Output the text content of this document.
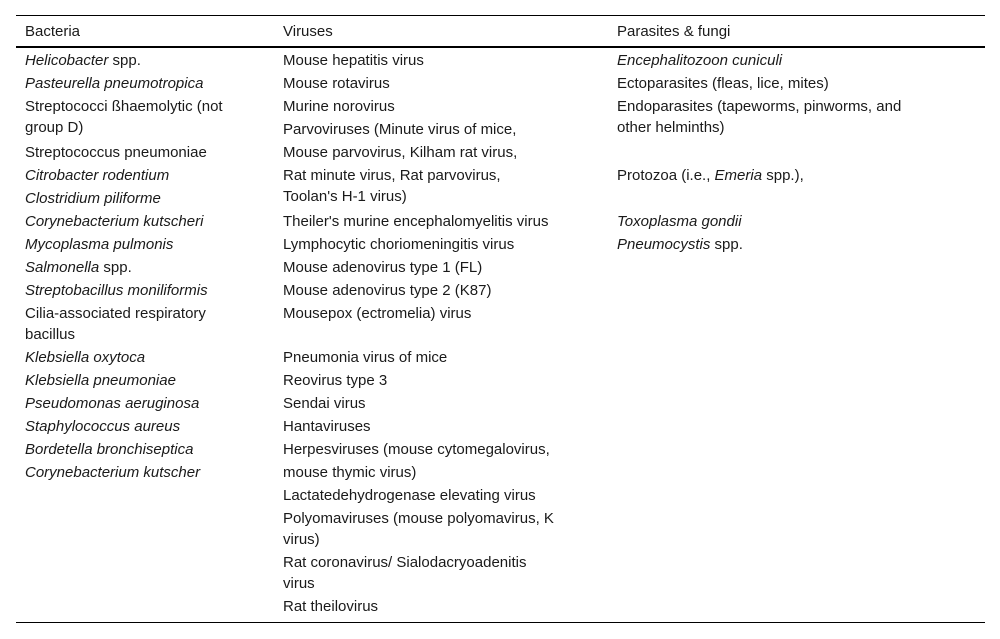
Bacteria	Viruses	Parasites & fungi
Helicobacter spp.
Pasteurella pneumotropica
Streptococci ßhaemolytic (not
group D)
Streptococcus pneumoniae
Citrobacter rodentium
Clostridium piliforme
Corynebacterium kutscheri
Mycoplasma pulmonis
Salmonella spp.
Streptobacillus moniliformis
Cilia-associated respiratory
bacillus
Klebsiella oxytoca
Klebsiella pneumoniae
Pseudomonas aeruginosa
Staphylococcus aureus
Bordetella bronchiseptica
Corynebacterium kutscher
Mouse hepatitis virus
Mouse rotavirus
Murine norovirus
Parvoviruses (Minute virus of mice,
Mouse parvovirus, Kilham rat virus,
Rat minute virus, Rat parvovirus,
Toolan's H-1 virus)
Theiler's murine encephalomyelitis virus
Lymphocytic choriomeningitis virus
Mouse adenovirus type 1 (FL)
Mouse adenovirus type 2 (K87)
Mousepox (ectromelia) virus
Pneumonia virus of mice
Reovirus type 3
Sendai virus
Hantaviruses
Herpesviruses (mouse cytomegalovirus,
mouse thymic virus)
Lactatedehydrogenase elevating virus
Polyomaviruses (mouse polyomavirus, K
virus)
Rat coronavirus/ Sialodacryoadenitis
virus
Rat theilovirus
Encephalitozoon cuniculi
Ectoparasites (fleas, lice, mites)
Endoparasites (tapeworms, pinworms, and
other helminths)
Protozoa (i.e., Emeria spp.),
Toxoplasma gondii
Pneumocystis spp.
